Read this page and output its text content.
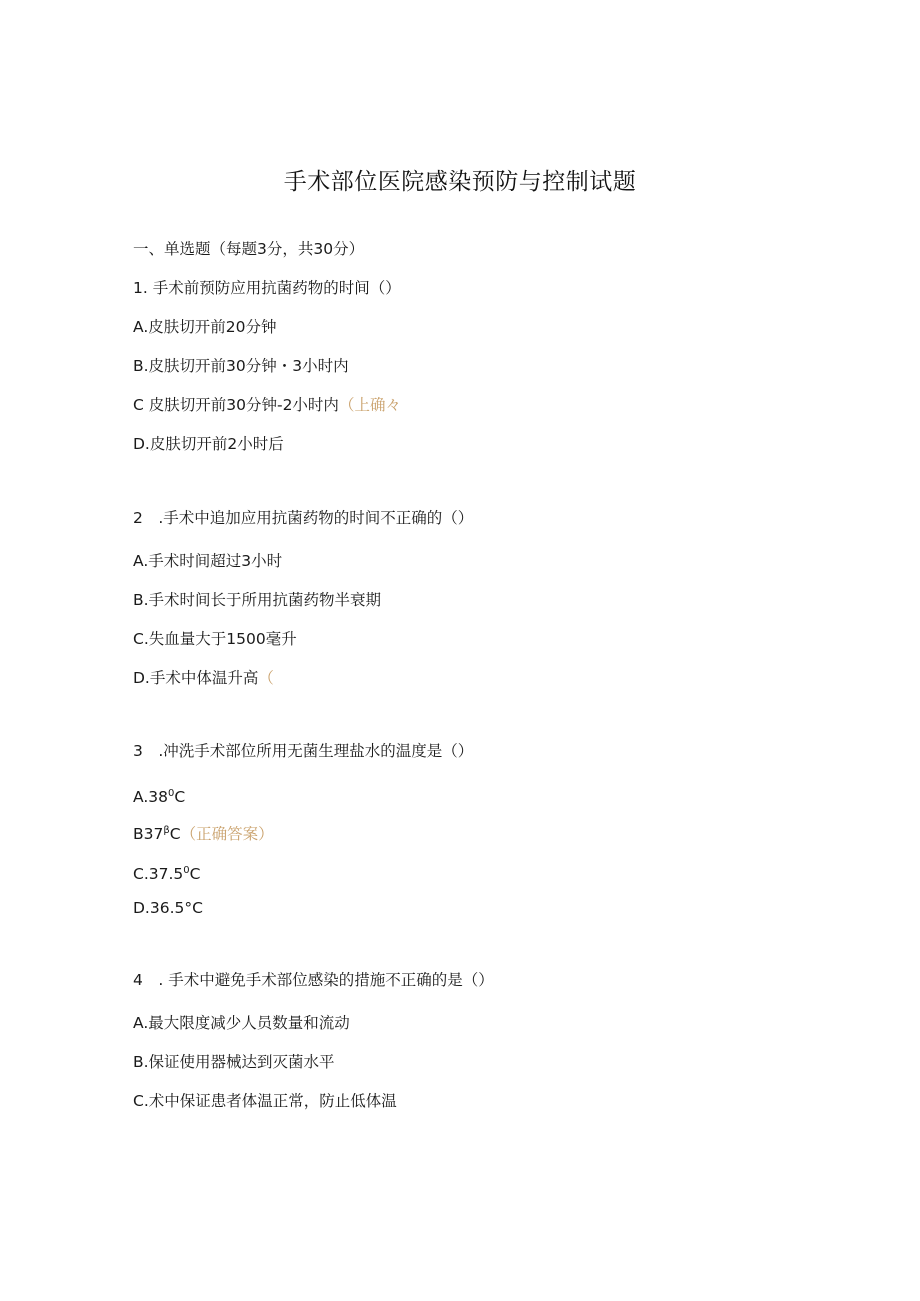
手术部位医院感染预防与控制试题
一、单选题（每题3分，共30分）
1. 手术前预防应用抗菌药物的时间（）
A.皮肤切开前20分钟
B.皮肤切开前30分钟・3小时内
C 皮肤切开前30分钟-2小时内（上确々
D.皮肤切开前2小时后
2　.手术中追加应用抗菌药物的时间不正确的（）
A.手术时间超过3小时
B.手术时间长于所用抗菌药物半衰期
C.失血量大于1500毫升
D.手术中体温升高（
3　.冲洗手术部位所用无菌生理盐水的温度是（）
$A.38^0C$
$B37^\beta C$（正确答案）
C.37.5$^0$C
D.36.5°C
4　. 手术中避免手术部位感染的措施不正确的是（）
A.最大限度减少人员数量和流动
B.保证使用器械达到灭菌水平
C.术中保证患者体温正常，防止低体温
